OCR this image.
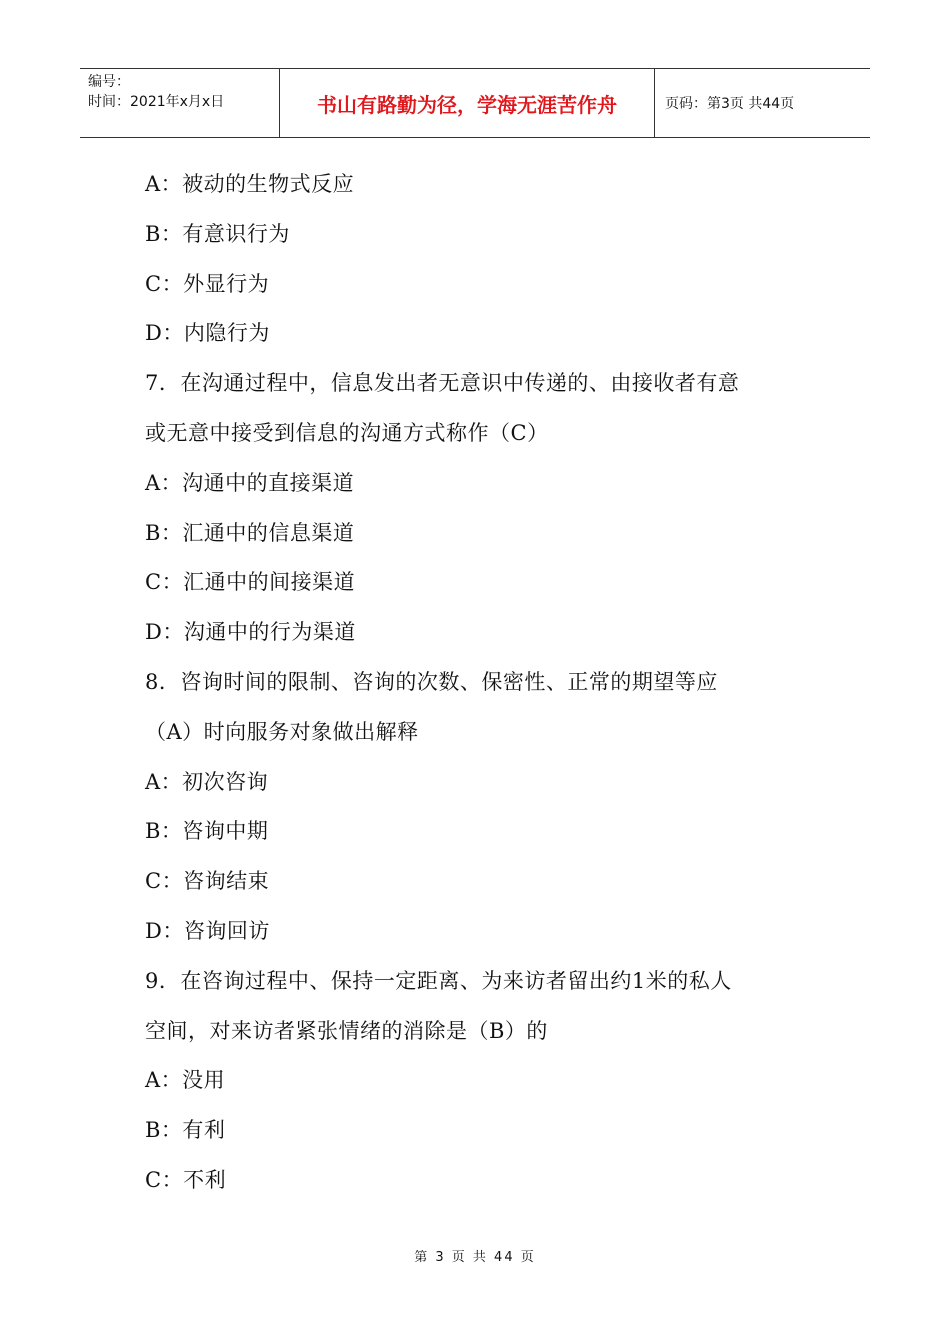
编号：
时间：2021年x月x日	书山有路勤为径，学海无涯苦作舟	页码：第3页 共44页
A：被动的生物式反应
B：有意识行为
C：外显行为
D：内隐行为
7．在沟通过程中，信息发出者无意识中传递的、由接收者有意
或无意中接受到信息的沟通方式称作（C）
A：沟通中的直接渠道
B：汇通中的信息渠道
C：汇通中的间接渠道
D：沟通中的行为渠道
8．咨询时间的限制、咨询的次数、保密性、正常的期望等应
（A）时向服务对象做出解释
A：初次咨询
B：咨询中期
C：咨询结束
D：咨询回访
9．在咨询过程中、保持一定距离、为来访者留出约1米的私人
空间，对来访者紧张情绪的消除是（B）的
A：没用
B：有利
C：不利
第 3 页 共 44 页
